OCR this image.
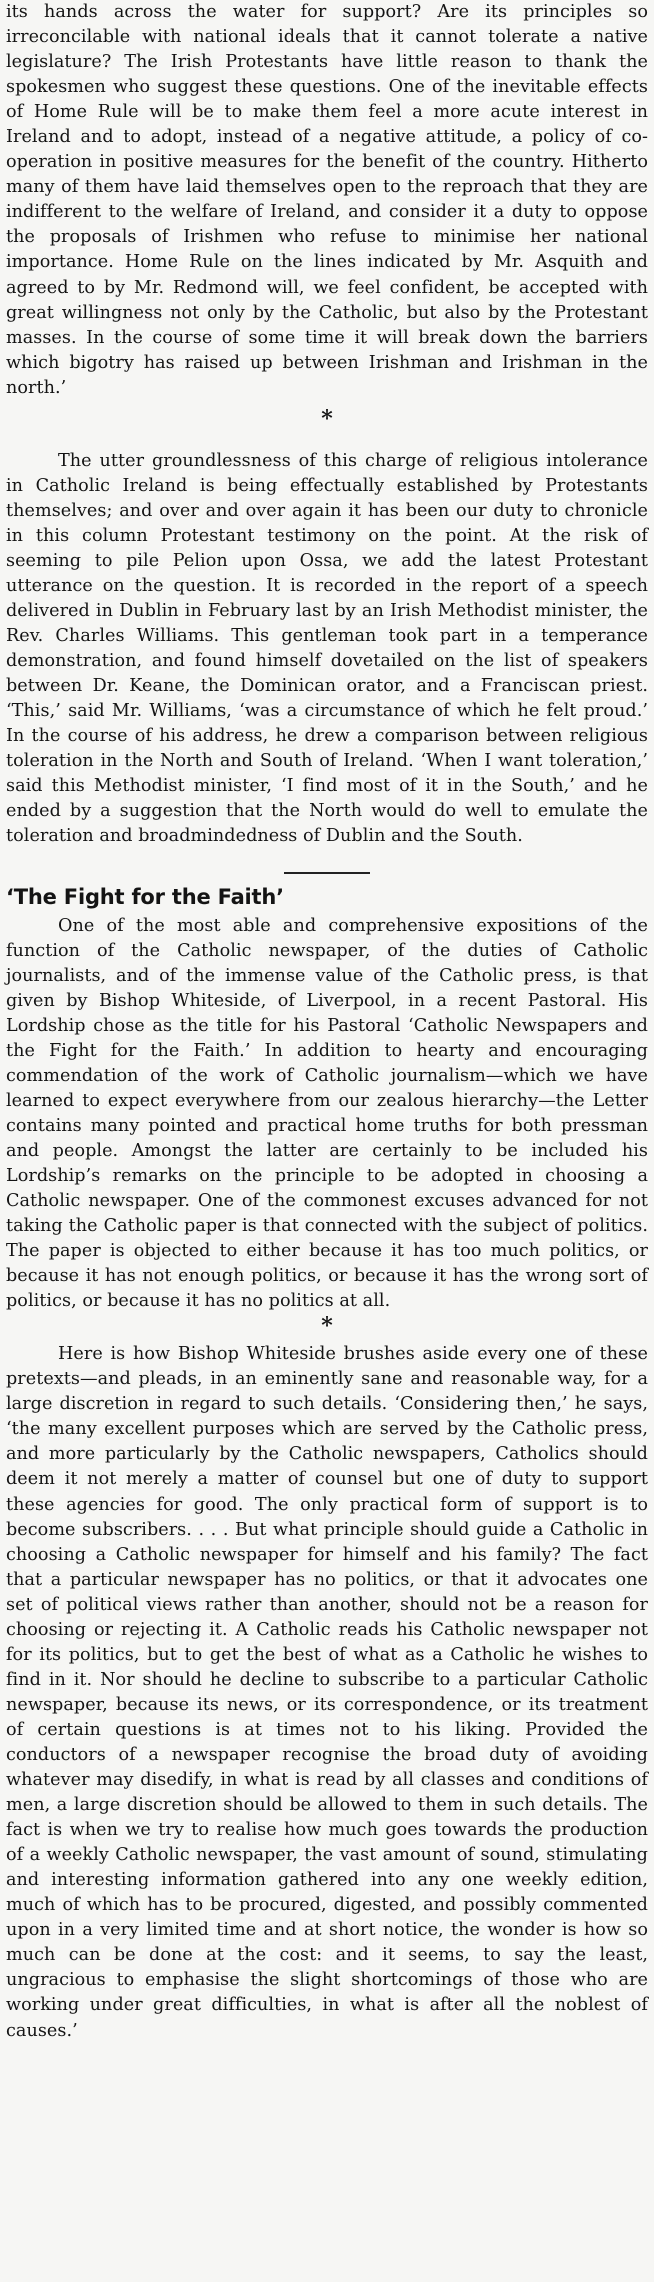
its hands across the water for support? Are its principles so irreconcilable with national ideals that it cannot tolerate a native legislature? The Irish Protestants have little reason to thank the spokesmen who suggest these questions. One of the inevitable effects of Home Rule will be to make them feel a more acute interest in Ireland and to adopt, instead of a negative attitude, a policy of co-operation in positive measures for the benefit of the country. Hitherto many of them have laid themselves open to the reproach that they are indifferent to the welfare of Ireland, and consider it a duty to oppose the proposals of Irishmen who refuse to minimise her national importance. Home Rule on the lines indicated by Mr. Asquith and agreed to by Mr. Redmond will, we feel confident, be accepted with great willingness not only by the Catholic, but also by the Protestant masses. In the course of some time it will break down the barriers which bigotry has raised up between Irishman and Irishman in the north.’

*

The utter groundlessness of this charge of religious intolerance in Catholic Ireland is being effectually established by Protestants themselves; and over and over again it has been our duty to chronicle in this column Protestant testimony on the point. At the risk of seeming to pile Pelion upon Ossa, we add the latest Protestant utterance on the question. It is recorded in the report of a speech delivered in Dublin in February last by an Irish Methodist minister, the Rev. Charles Williams. This gentleman took part in a temperance demonstration, and found himself dovetailed on the list of speakers between Dr. Keane, the Dominican orator, and a Franciscan priest. ‘This,’ said Mr. Williams, ‘was a circumstance of which he felt proud.’ In the course of his address, he drew a comparison between religious toleration in the North and South of Ireland. ‘When I want toleration,’ said this Methodist minister, ‘I find most of it in the South,’ and he ended by a suggestion that the North would do well to emulate the toleration and broadmindedness of Dublin and the South.

‘The Fight for the Faith’

One of the most able and comprehensive expositions of the function of the Catholic newspaper, of the duties of Catholic journalists, and of the immense value of the Catholic press, is that given by Bishop Whiteside, of Liverpool, in a recent Pastoral. His Lordship chose as the title for his Pastoral ‘Catholic Newspapers and the Fight for the Faith.’ In addition to hearty and encouraging commendation of the work of Catholic journalism—which we have learned to expect everywhere from our zealous hierarchy—the Letter contains many pointed and practical home truths for both pressman and people. Amongst the latter are certainly to be included his Lordship’s remarks on the principle to be adopted in choosing a Catholic newspaper. One of the commonest excuses advanced for not taking the Catholic paper is that connected with the subject of politics. The paper is objected to either because it has too much politics, or because it has not enough politics, or because it has the wrong sort of politics, or because it has no politics at all.

*

Here is how Bishop Whiteside brushes aside every one of these pretexts—and pleads, in an eminently sane and reasonable way, for a large discretion in regard to such details. ‘Considering then,’ he says, ‘the many excellent purposes which are served by the Catholic press, and more particularly by the Catholic newspapers, Catholics should deem it not merely a matter of counsel but one of duty to support these agencies for good. The only practical form of support is to become subscribers. . . . But what principle should guide a Catholic in choosing a Catholic newspaper for himself and his family? The fact that a particular newspaper has no politics, or that it advocates one set of political views rather than another, should not be a reason for choosing or rejecting it. A Catholic reads his Catholic newspaper not for its politics, but to get the best of what as a Catholic he wishes to find in it. Nor should he decline to subscribe to a particular Catholic newspaper, because its news, or its correspondence, or its treatment of certain questions is at times not to his liking. Provided the conductors of a newspaper recognise the broad duty of avoiding whatever may disedify, in what is read by all classes and conditions of men, a large discretion should be allowed to them in such details. The fact is when we try to realise how much goes towards the production of a weekly Catholic newspaper, the vast amount of sound, stimulating and interesting information gathered into any one weekly edition, much of which has to be procured, digested, and possibly commented upon in a very limited time and at short notice, the wonder is how so much can be done at the cost: and it seems, to say the least, ungracious to emphasise the slight shortcomings of those who are working under great difficulties, in what is after all the noblest of causes.’
